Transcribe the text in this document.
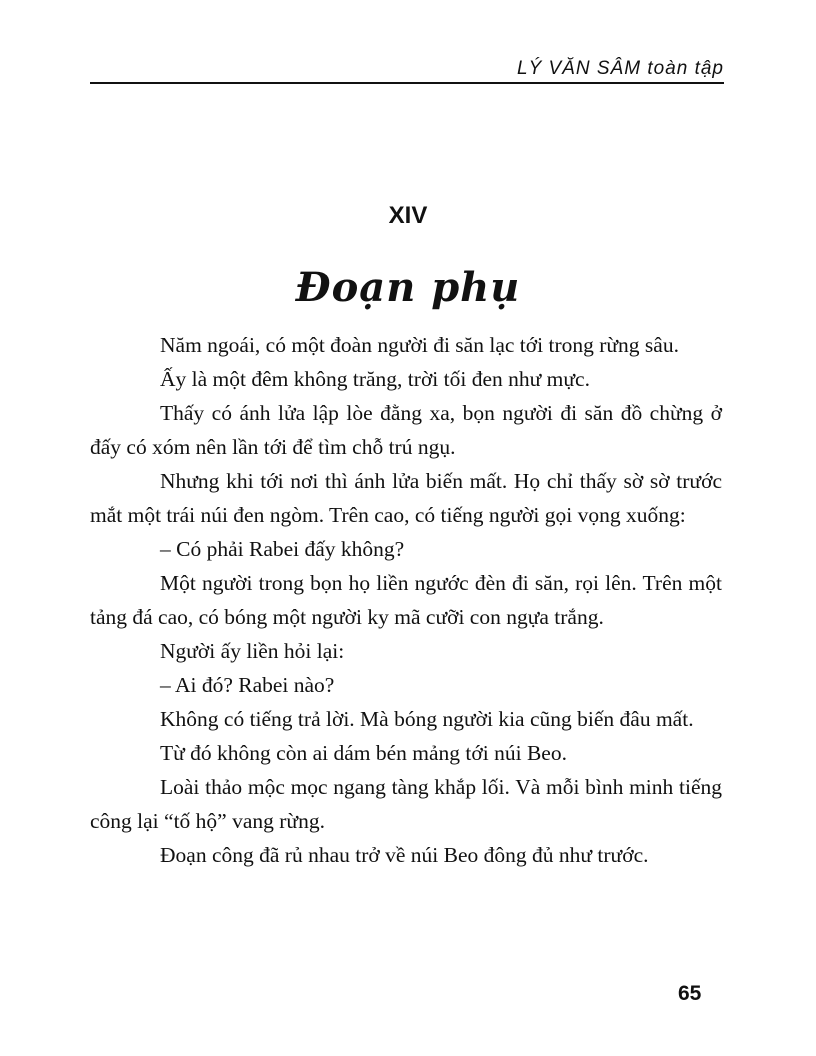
LÝ VĂN SÂM toàn tập
XIV
Đoạn phụ

Năm ngoái, có một đoàn người đi săn lạc tới trong rừng sâu.

Ấy là một đêm không trăng, trời tối đen như mực.

Thấy có ánh lửa lập lòe đằng xa, bọn người đi săn đồ chừng ở đấy có xóm nên lần tới để tìm chỗ trú ngụ.

Nhưng khi tới nơi thì ánh lửa biến mất. Họ chỉ thấy sờ sờ trước mắt một trái núi đen ngòm. Trên cao, có tiếng người gọi vọng xuống:

– Có phải Rabei đấy không?

Một người trong bọn họ liền ngước đèn đi săn, rọi lên. Trên một tảng đá cao, có bóng một người ky mã cưỡi con ngựa trắng.

Người ấy liền hỏi lại:

– Ai đó? Rabei nào?

Không có tiếng trả lời. Mà bóng người kia cũng biến đâu mất.

Từ đó không còn ai dám bén mảng tới núi Beo.

Loài thảo mộc mọc ngang tàng khắp lối. Và mỗi bình minh tiếng công lại “tố hộ” vang rừng.

Đoạn công đã rủ nhau trở về núi Beo đông đủ như trước.

65
